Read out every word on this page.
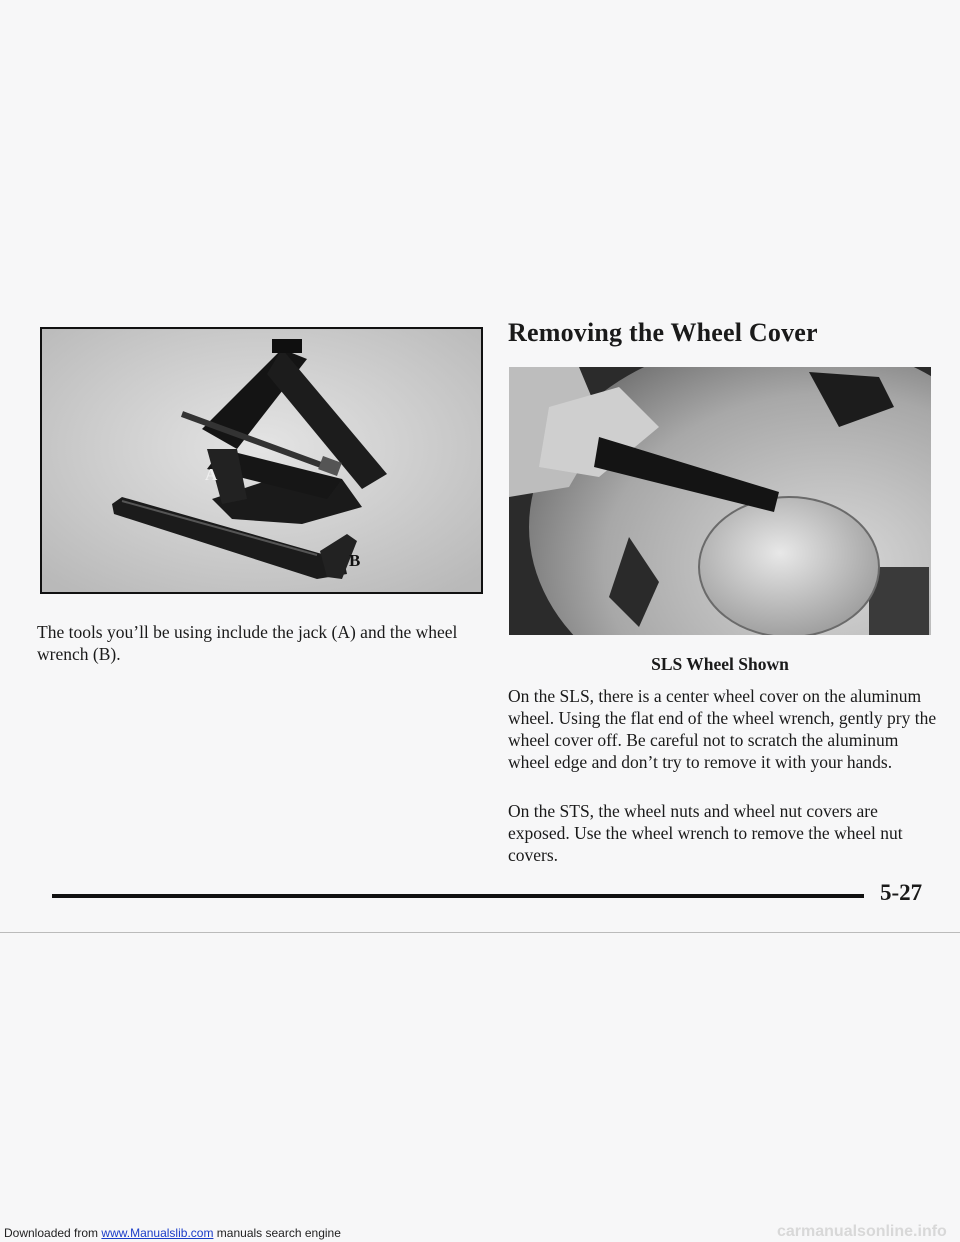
A
B

The tools you’ll be using include the jack (A) and the wheel wrench (B).

Removing the Wheel Cover
SLS Wheel Shown

On the SLS, there is a center wheel cover on the aluminum wheel. Using the flat end of the wheel wrench, gently pry the wheel cover off. Be careful not to scratch the aluminum wheel edge and don’t try to remove it with your hands.

On the STS, the wheel nuts and wheel nut covers are exposed. Use the wheel wrench to remove the wheel nut covers.

5-27
Downloaded from www.Manualslib.com manuals search engine	carmanualsonline.info
